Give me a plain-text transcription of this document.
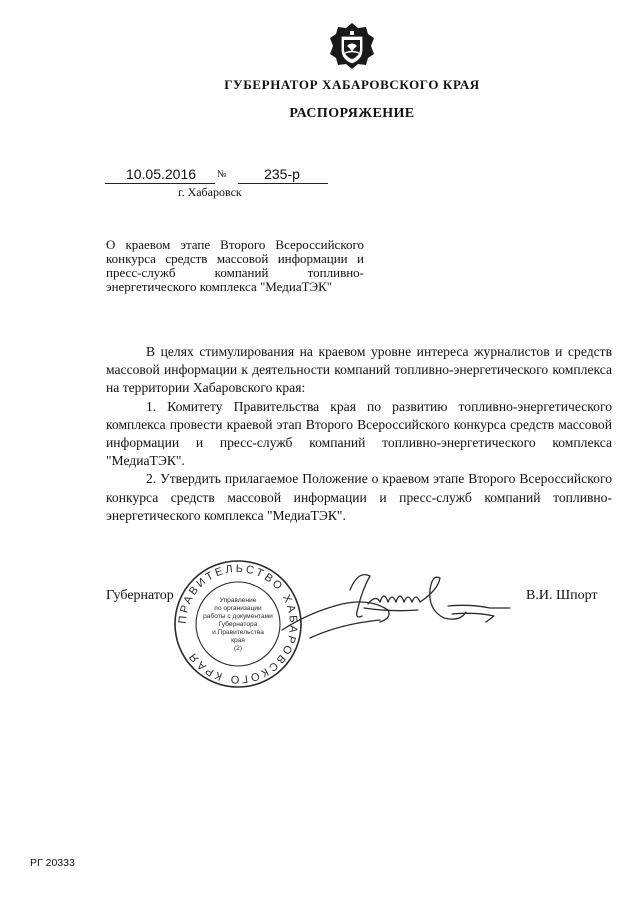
ГУБЕРНАТОР ХАБАРОВСКОГО КРАЯ
РАСПОРЯЖЕНИЕ
10.05.2016	№	235-р
г. Хабаровск
О краевом этапе Второго Всероссийского конкурса средств массовой информации и пресс-служб компаний топливно-энергетического комплекса "МедиаТЭК"

В целях стимулирования на краевом уровне интереса журналистов и средств массовой информации к деятельности компаний топливно-энергетического комплекса на территории Хабаровского края:

1. Комитету Правительства края по развитию топливно-энергетического комплекса провести краевой этап Второго Всероссийского конкурса средств массовой информации и пресс-служб компаний топливно-энергетического комплекса "МедиаТЭК".

2. Утвердить прилагаемое Положение о краевом этапе Второго Всероссийского конкурса средств массовой информации и пресс-служб компаний топливно-энергетического комплекса "МедиаТЭК".

Губернатор	В.И. Шпорт
ПРАВИТЕЛЬСТВО ХАБАРОВСКОГО КРАЯ
Управление
по организации
работы с документами
Губернатора
и Правительства
края
(2)
РГ 20333
